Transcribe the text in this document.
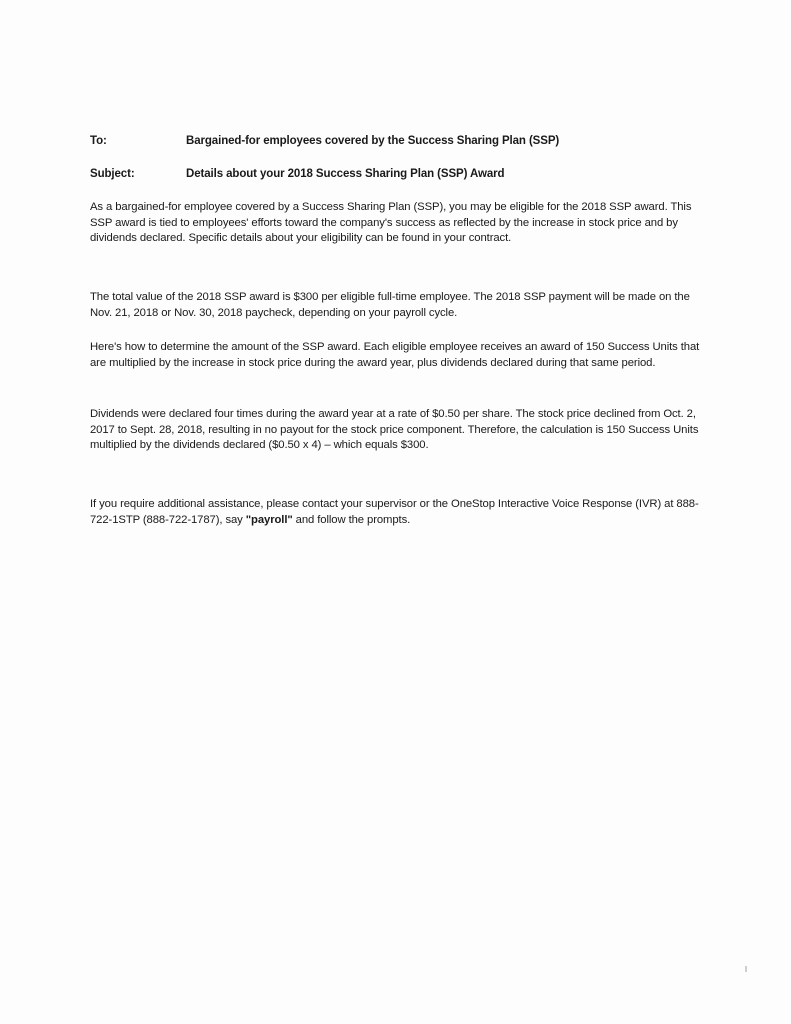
To:	Bargained-for employees covered by the Success Sharing Plan (SSP)
Subject:	Details about your 2018 Success Sharing Plan (SSP) Award

As a bargained-for employee covered by a Success Sharing Plan (SSP), you may be eligible for the 2018 SSP award. This SSP award is tied to employees' efforts toward the company's success as reflected by the increase in stock price and by dividends declared. Specific details about your eligibility can be found in your contract.

The total value of the 2018 SSP award is $300 per eligible full-time employee. The 2018 SSP payment will be made on the Nov. 21, 2018 or Nov. 30, 2018 paycheck, depending on your payroll cycle.

Here's how to determine the amount of the SSP award. Each eligible employee receives an award of 150 Success Units that are multiplied by the increase in stock price during the award year, plus dividends declared during that same period.

Dividends were declared four times during the award year at a rate of $0.50 per share. The stock price declined from Oct. 2, 2017 to Sept. 28, 2018, resulting in no payout for the stock price component. Therefore, the calculation is 150 Success Units multiplied by the dividends declared ($0.50 x 4) – which equals $300.

If you require additional assistance, please contact your supervisor or the OneStop Interactive Voice Response (IVR) at 888-722-1STP (888-722-1787), say "payroll" and follow the prompts.
